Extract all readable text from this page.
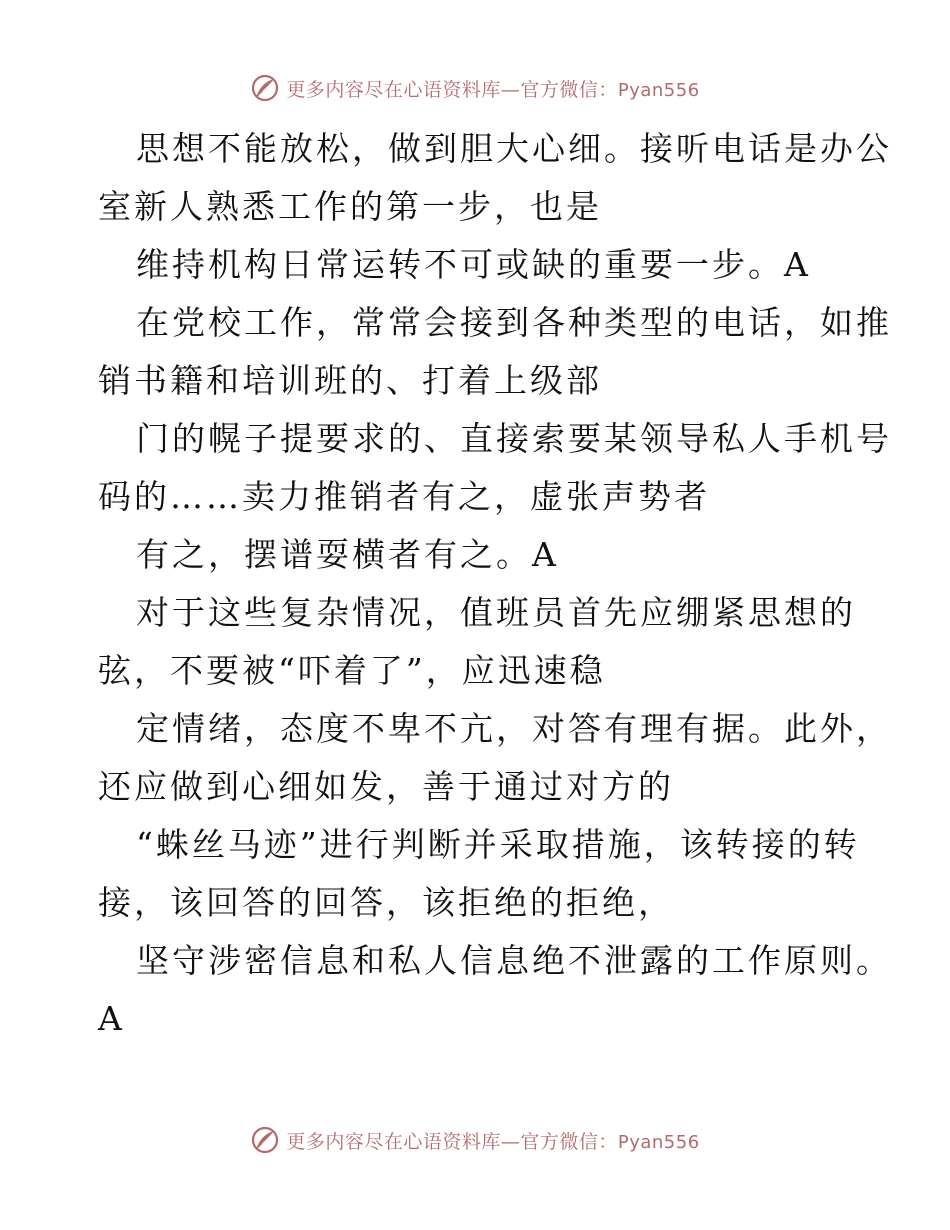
更多内容尽在心语资料库—官方微信：Pyan556
思想不能放松，做到胆大心细。接听电话是办公
室新人熟悉工作的第一步，也是
维持机构日常运转不可或缺的重要一步。A
在党校工作，常常会接到各种类型的电话，如推
销书籍和培训班的、打着上级部
门的幌子提要求的、直接索要某领导私人手机号
码的……卖力推销者有之，虚张声势者
有之，摆谱耍横者有之。A
对于这些复杂情况，值班员首先应绷紧思想的
弦，不要被“吓着了”，应迅速稳
定情绪，态度不卑不亢，对答有理有据。此外，
还应做到心细如发，善于通过对方的
“蛛丝马迹”进行判断并采取措施，该转接的转
接，该回答的回答，该拒绝的拒绝，
坚守涉密信息和私人信息绝不泄露的工作原则。
A
更多内容尽在心语资料库—官方微信：Pyan556
